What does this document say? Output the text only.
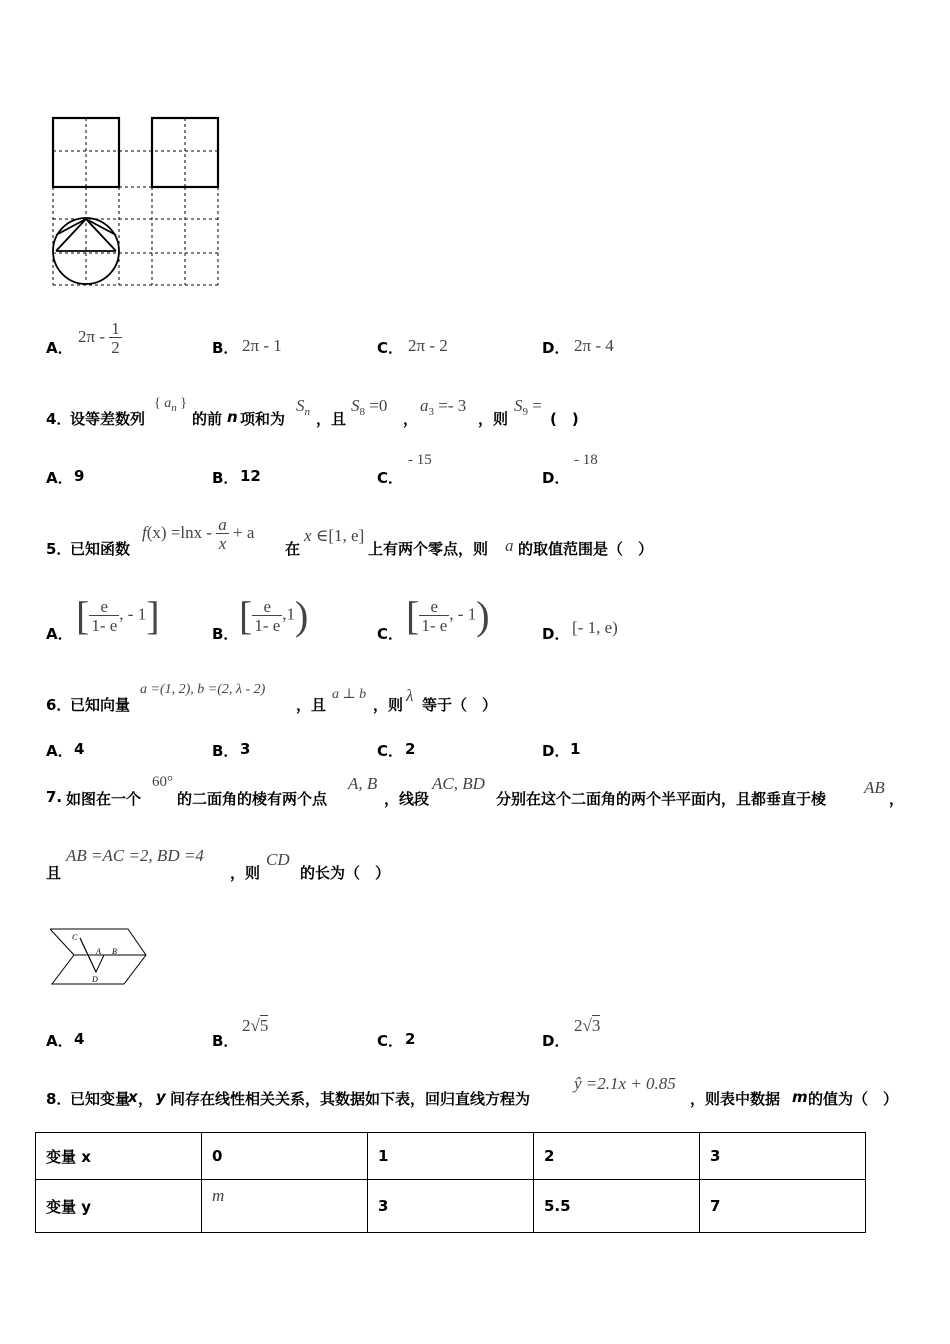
A．
$2\pi - \frac{1}{2}$	B． 2π - 1	C． 2π - 2	D． 2π - 4
4．
设等差数列
{ $a_n$ }
的前 n 项和为
$S_n$ ，且
$S_8 =0$
，
$a_3 =- 3$
，则
$S_9$ =
(　)
A． 9	B． 12	C．
- 15
D．
- 18
5．
已知函数
$f(x) =\ln x - \frac{a}{x} + a$
在
x ∈[1, e]
上有两个零点，则 a 的取值范围是（　）
A． [ $\frac{e}{1- e}$ , - 1]	B． [ $\frac{e}{1- e} ,1$)	C． [ $\frac{e}{1- e}$ , - 1)	D． [- 1, e)
6．
已知向量
a =(1, 2), b =(2, λ - 2)
，且
a ⊥ b
，则 λ 等于（　）
A． 4	B． 3	C． 2	D． 1
7. 如图在一个
60°
的二面角的棱有两个点
A, B
，线段
AC, BD
分别在这个二面角的两个半平面内，且都垂直于棱
AB
，
且
AB =AC =2, BD =4
，则
CD
的长为（　）
C
A B
D
A． 4	B．
2√5
C． 2	D．
2√3
8．
已知变量
x ， y 间存在线性相关关系，其数据如下表，回归直线方程为
ŷ =2.1x + 0.85
，则表中数据 m 的值为（　）
变量 x	0	1	2	3
变量 y	m	3	5.5	7
